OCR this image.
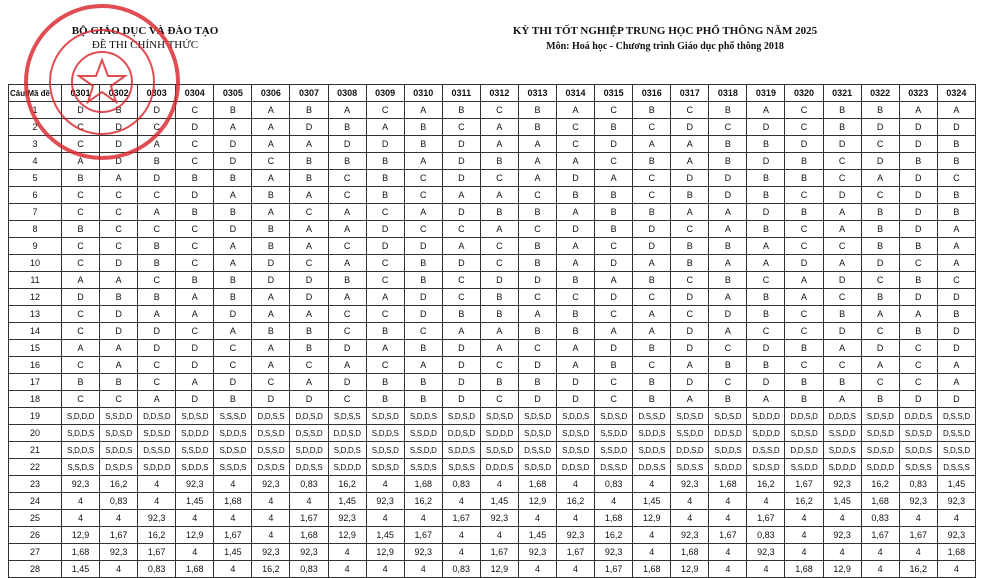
BỘ GIÁO DỤC VÀ ĐÀO TẠO
ĐỀ THI CHÍNH THỨC
KỲ THI TỐT NGHIỆP TRUNG HỌC PHỔ THÔNG NĂM 2025
Môn: Hoá học - Chương trình Giáo dục phổ thông 2018
Câu\Mã đề	0301	0302	0303	0304	0305	0306	0307	0308	0309	0310	0311	0312	0313	0314	0315	0316	0317	0318	0319	0320	0321	0322	0323	0324
1	D	B	D	C	B	A	B	A	C	A	B	C	B	A	C	B	C	B	A	C	B	B	A	A
2	C	D	C	D	A	A	D	B	A	B	C	A	B	C	B	C	D	C	D	C	B	D	D	D
3	C	D	A	C	D	A	A	D	D	B	D	A	A	C	D	A	A	B	B	D	D	C	D	B
4	A	D	B	C	D	C	B	B	B	A	D	B	A	A	C	B	A	B	D	B	C	D	B	B
5	B	A	D	B	B	A	B	C	B	C	D	C	A	D	A	C	D	D	B	B	C	A	D	C
6	C	C	C	D	A	B	A	C	B	C	A	A	C	B	B	C	B	D	B	C	D	C	D	B
7	C	C	A	B	B	A	C	A	C	A	D	B	B	A	B	B	A	A	D	B	A	B	D	B
8	B	C	C	C	D	B	A	A	D	C	C	A	C	D	B	D	C	A	B	C	A	B	D	A
9	C	C	B	C	A	B	A	C	D	D	A	C	B	A	C	D	B	B	A	C	C	B	B	A
10	C	D	B	C	A	D	C	A	C	B	D	C	B	A	D	A	B	A	A	D	A	D	C	A
11	A	A	C	B	B	D	D	B	C	B	C	D	D	B	A	B	C	B	C	A	D	C	B	C
12	D	B	B	A	B	A	D	A	A	D	C	B	C	C	D	C	D	A	B	A	C	B	D	D
13	C	D	A	A	D	A	A	C	C	D	B	B	A	B	C	A	C	D	B	C	B	A	A	B
14	C	D	D	C	A	B	B	C	B	C	A	A	B	B	A	A	D	A	C	C	D	C	B	D
15	A	A	D	D	C	A	B	D	A	B	D	A	C	A	D	B	D	C	D	B	A	D	C	D
16	C	A	C	D	C	A	C	A	C	A	D	C	D	A	B	C	A	B	B	C	C	A	C	A
17	B	B	C	A	D	C	A	D	B	B	D	B	B	D	C	B	D	C	D	B	B	C	C	A
18	C	C	A	D	B	D	D	C	B	B	D	C	D	D	C	B	A	B	A	B	A	B	D	D
19	S,D,D,D	S,S,D,D	D,D,S,D	S,D,S,D	S,S,S,D	D,D,S,S	D,D,S,D	S,D,S,S	S,D,S,D	S,D,D,S	S,D,S,D	S,D,S,D	S,D,S,D	S,D,D,S	S,D,S,D	D,S,S,D	S,D,S,D	S,D,S,D	S,D,D,D	D,D,S,D	D,D,D,S	S,D,S,D	D,D,D,S	D,S,S,D
20	S,D,D,S	S,D,S,D	S,D,S,D	S,D,D,D	S,D,D,S	D,S,S,D	D,S,S,D	D,D,S,D	S,D,D,S	S,S,D,D	D,D,S,D	S,D,D,D	S,D,S,D	S,D,S,D	S,S,D,D	S,D,D,S	S,S,D,D	D,D,S,D	S,D,D,D	S,D,S,D	S,S,D,D	S,D,S,D	S,D,S,D	D,S,S,D
21	S,D,D,S	S,D,D,S	D,S,S,D	S,S,D,D	S,D,S,D	D,S,S,D	S,D,D,D	S,D,D,S	S,D,S,D	S,S,D,D	S,D,D,S	S,D,S,D	D,S,S,D	S,D,S,D	S,S,D,D	S,D,D,S	D,D,S,D	S,D,D,S	D,S,S,D	D,D,S,D	S,D,D,S	S,D,S,D	S,D,D,S	S,D,S,D
22	S,S,D,S	D,S,D,S	S,D,D,D	S,D,D,S	S,S,D,S	D,S,D,S	D,D,S,S	S,D,D,D	S,D,S,D	S,S,D,S	S,D,S,S	D,D,D,S	S,D,S,D	D,D,S,D	D,S,S,D	D,D,S,S	S,D,S,S	S,D,D,D	S,D,S,D	S,S,D,D	S,D,D,D	S,D,D,D	S,D,S,S	D,S,S,S
23	92,3	16,2	4	92,3	4	92,3	0,83	16,2	4	1,68	0,83	4	1,68	4	0,83	4	92,3	1,68	16,2	1,67	92,3	16,2	0,83	1,45
24	4	0,83	4	1,45	1,68	4	4	1,45	92,3	16,2	4	1,45	12,9	16,2	4	1,45	4	4	4	16,2	1,45	1,68	92,3	92,3
25	4	4	92,3	4	4	4	1,67	92,3	4	4	1,67	92,3	4	4	1,68	12,9	4	4	1,67	4	4	0,83	4	4
26	12,9	1,67	16,2	12,9	1,67	4	1,68	12,9	1,45	1,67	4	4	1,45	92,3	16,2	4	92,3	1,67	0,83	4	92,3	1,67	1,67	92,3
27	1,68	92,3	1,67	4	1,45	92,3	92,3	4	12,9	92,3	4	1,67	92,3	1,67	92,3	4	1,68	4	92,3	4	4	4	4	1,68
28	1,45	4	0,83	1,68	4	16,2	0,83	4	4	4	0,83	12,9	4	4	1,67	1,68	12,9	4	4	1,68	12,9	4	16,2	4
